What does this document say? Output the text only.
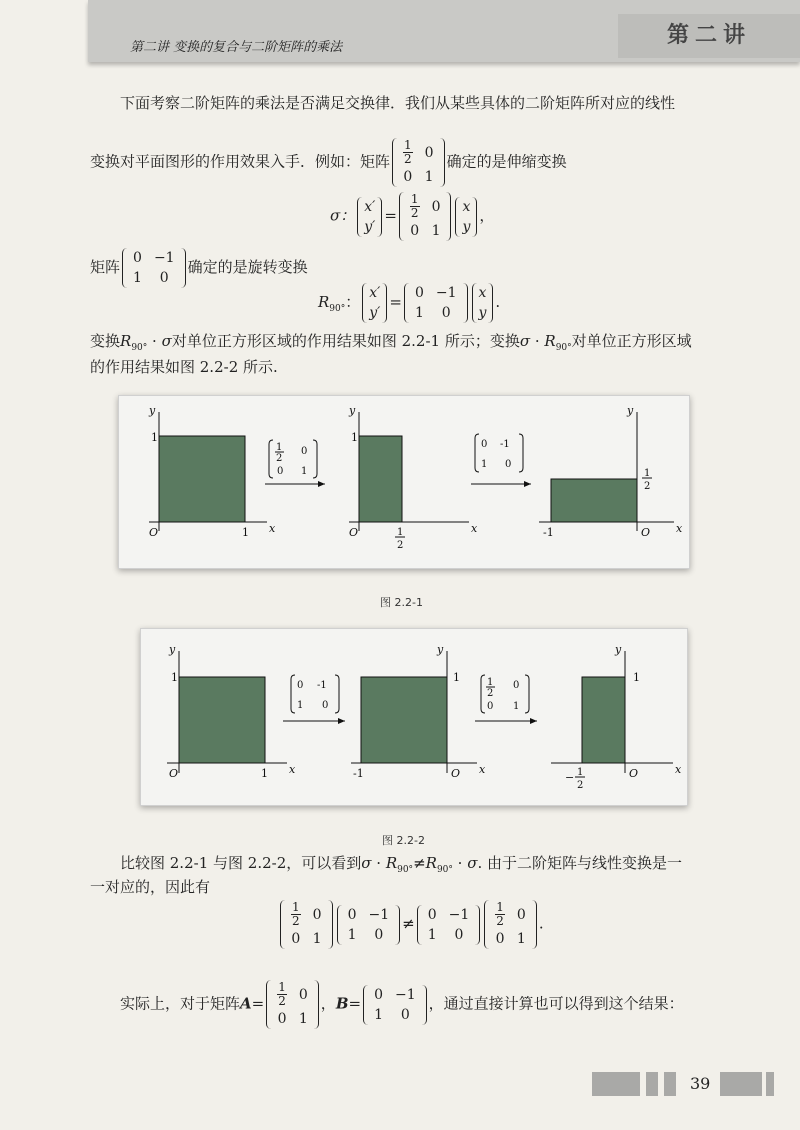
第二讲 变换的复合与二阶矩阵的乘法	第二讲
下面考察二阶矩阵的乘法是否满足交换律．我们从某些具体的二阶矩阵所对应的线性
变换对平面图形的作用效果入手．例如：矩阵 $\frac{1}{2}$	0
0	1
确定的是伸缩变换
σ： x′
y′
= $\frac{1}{2}$	0
0	1
x
y
，
矩阵 0	−1
1	0
确定的是旋转变换
$R_{90^\circ}$： x′
y′
= 0	−1
1	0
x
y
.
变换$R_{90^\circ} \cdot \sigma$对单位正方形区域的作用结果如图 2.2-1 所示；变换$\sigma \cdot R_{90^\circ}$对单位正方形区域
的作用结果如图 2.2-2 所示.
y
x
O
1
1
1
2
0
0 1
y
x
O
1
1
2
0 -1
1 0
y
x
O
-1
1
2
图 2.2-1
y
x
O
1
1
0 -1
1 0
y
x
O
1
-1
1
2
0
0 1
y
x
O
1
− 1
2
图 2.2-2
比较图 2.2-1 与图 2.2-2，可以看到$\sigma \cdot R_{90^\circ}\ne R_{90^\circ} \cdot \sigma$. 由于二阶矩阵与线性变换是一
一对应的，因此有
$\frac{1}{2}$	0
0	1
0	−1
1	0
≠ 0	−1
1	0
$\frac{1}{2}$	0
0	1
.
实际上，对于矩阵$A= \frac{1}{2}$	0
0	1
，B= 0	−1
1	0
，通过直接计算也可以得到这个结果：
39
